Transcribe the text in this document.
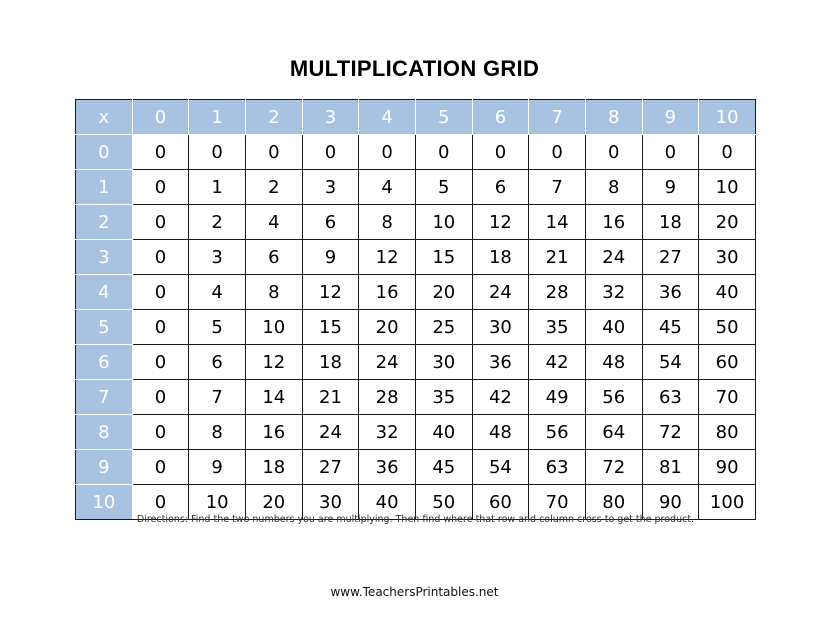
MULTIPLICATION GRID
x	0	1	2	3	4	5	6	7	8	9	10
0	0	0	0	0	0	0	0	0	0	0	0
1	0	1	2	3	4	5	6	7	8	9	10
2	0	2	4	6	8	10	12	14	16	18	20
3	0	3	6	9	12	15	18	21	24	27	30
4	0	4	8	12	16	20	24	28	32	36	40
5	0	5	10	15	20	25	30	35	40	45	50
6	0	6	12	18	24	30	36	42	48	54	60
7	0	7	14	21	28	35	42	49	56	63	70
8	0	8	16	24	32	40	48	56	64	72	80
9	0	9	18	27	36	45	54	63	72	81	90
10	0	10	20	30	40	50	60	70	80	90	100
Directions: Find the two numbers you are multiplying. Then find where that row and column cross to get the product.
www.TeachersPrintables.net
